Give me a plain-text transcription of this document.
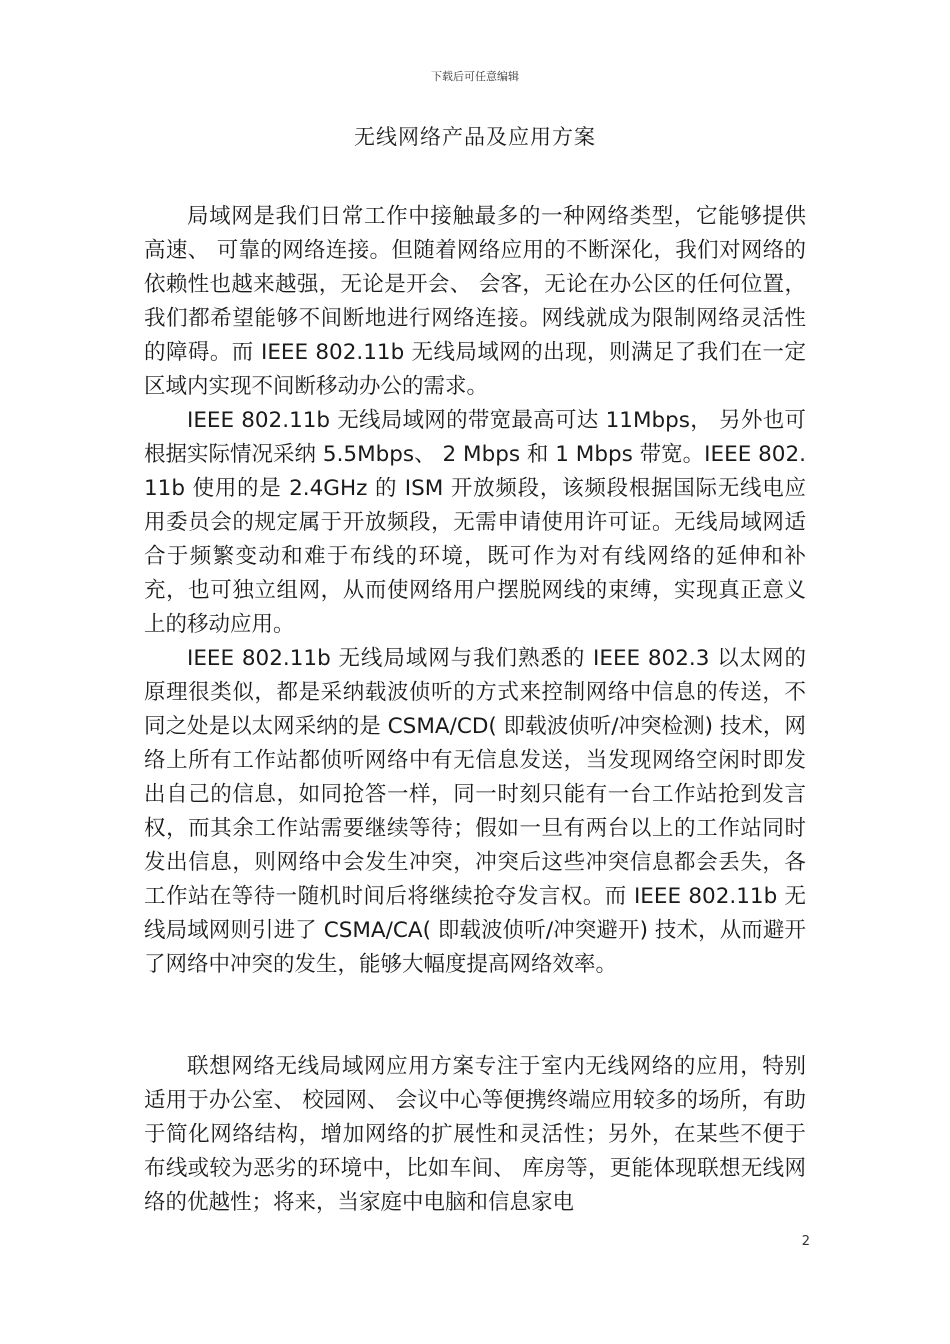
下载后可任意编辑
无线网络产品及应用方案

局域网是我们日常工作中接触最多的一种网络类型，它能够提供高速、 可靠的网络连接。但随着网络应用的不断深化，我们对网络的依赖性也越来越强，无论是开会、 会客，无论在办公区的任何位置，我们都希望能够不间断地进行网络连接。网线就成为限制网络灵活性的障碍。而 IEEE 802.11b 无线局域网的出现，则满足了我们在一定区域内实现不间断移动办公的需求。

IEEE 802.11b 无线局域网的带宽最高可达 11Mbps， 另外也可根据实际情况采纳 5.5Mbps、 2 Mbps 和 1 Mbps 带宽。IEEE 802.11b 使用的是 2.4GHz 的 ISM 开放频段，该频段根据国际无线电应用委员会的规定属于开放频段，无需申请使用许可证。无线局域网适合于频繁变动和难于布线的环境，既可作为对有线网络的延伸和补充，也可独立组网，从而使网络用户摆脱网线的束缚，实现真正意义上的移动应用。

IEEE 802.11b 无线局域网与我们熟悉的 IEEE 802.3 以太网的原理很类似，都是采纳载波侦听的方式来控制网络中信息的传送，不同之处是以太网采纳的是 CSMA/CD( 即载波侦听/冲突检测) 技术，网络上所有工作站都侦听网络中有无信息发送，当发现网络空闲时即发出自己的信息，如同抢答一样，同一时刻只能有一台工作站抢到发言权，而其余工作站需要继续等待；假如一旦有两台以上的工作站同时发出信息，则网络中会发生冲突，冲突后这些冲突信息都会丢失，各工作站在等待一随机时间后将继续抢夺发言权。而 IEEE 802.11b 无线局域网则引进了 CSMA/CA( 即载波侦听/冲突避开) 技术，从而避开了网络中冲突的发生，能够大幅度提高网络效率。

联想网络无线局域网应用方案专注于室内无线网络的应用，特别适用于办公室、 校园网、 会议中心等便携终端应用较多的场所，有助于简化网络结构，增加网络的扩展性和灵活性；另外，在某些不便于布线或较为恶劣的环境中，比如车间、 库房等，更能体现联想无线网络的优越性；将来，当家庭中电脑和信息家电

2
